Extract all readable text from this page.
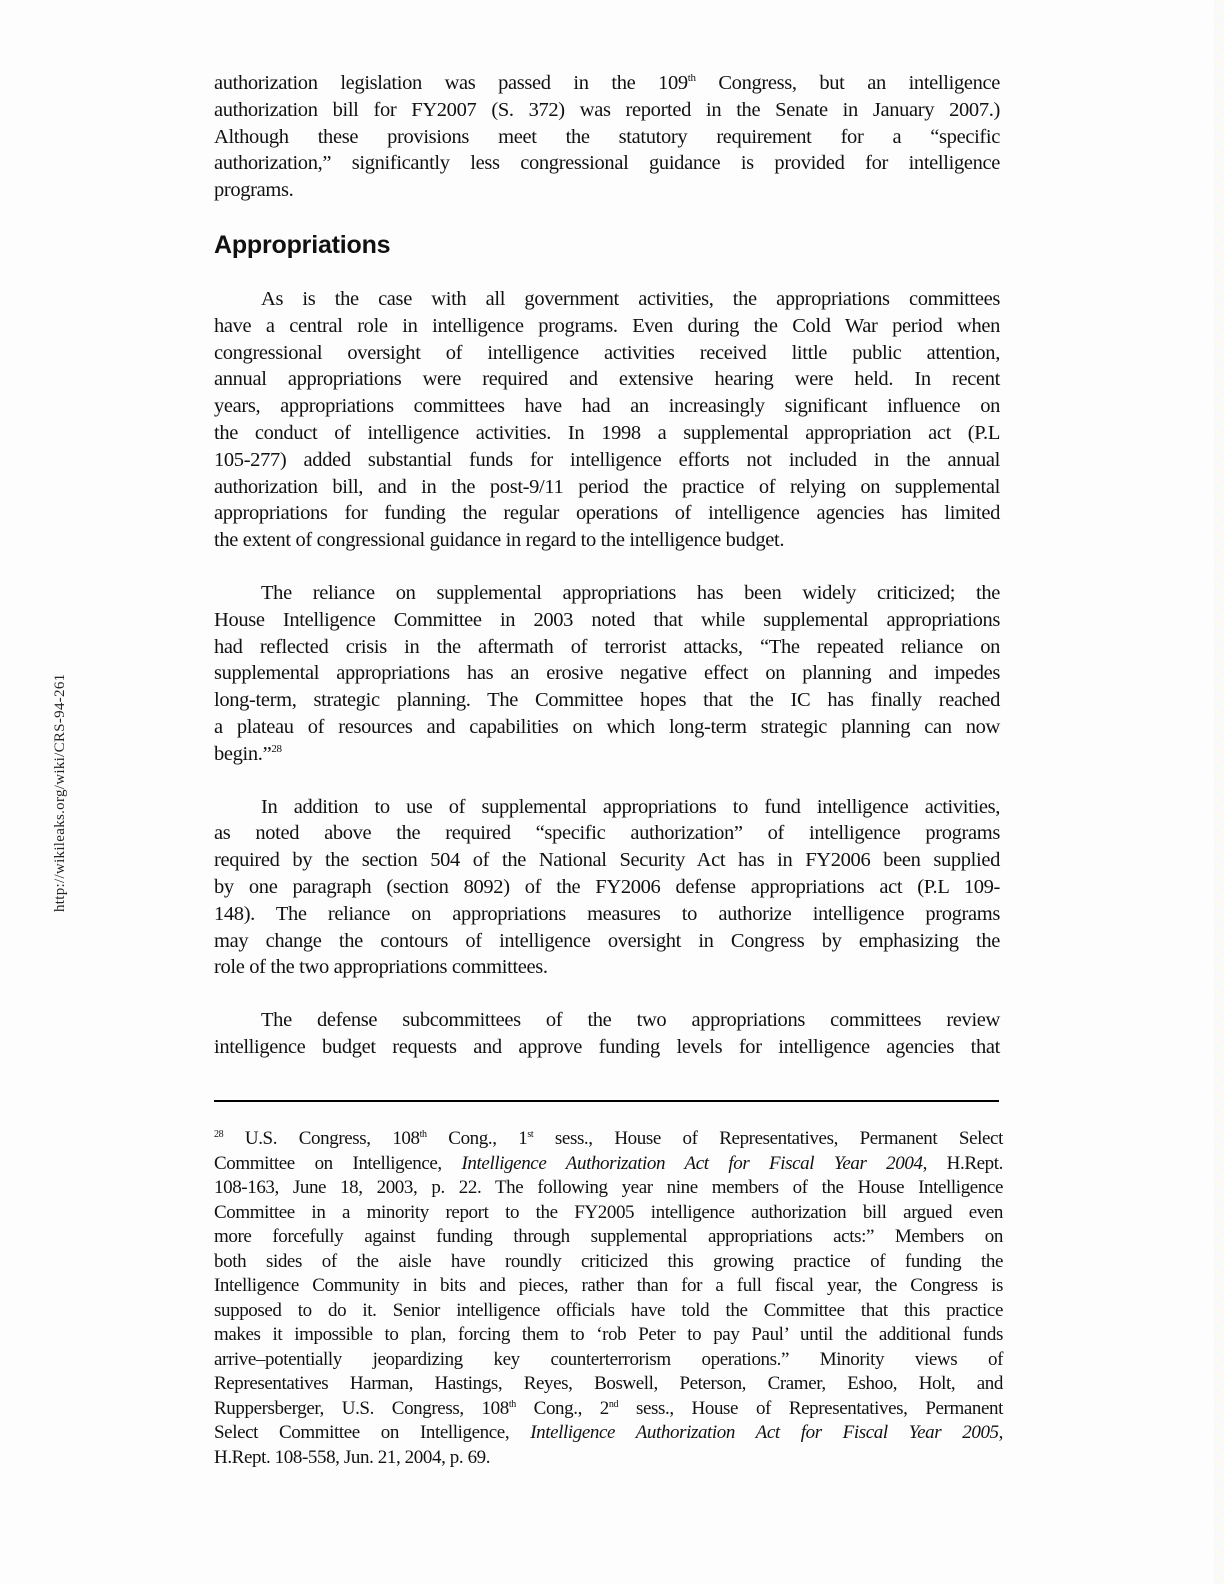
http://wikileaks.org/wiki/CRS-94-261
authorization legislation was passed in the 109th Congress, but an intelligence
authorization bill for FY2007 (S. 372) was reported in the Senate in January 2007.)
Although these provisions meet the statutory requirement for a “specific
authorization,” significantly less congressional guidance is provided for intelligence
programs.
Appropriations
As is the case with all government activities, the appropriations committees
have a central role in intelligence programs. Even during the Cold War period when
congressional oversight of intelligence activities received little public attention,
annual appropriations were required and extensive hearing were held. In recent
years, appropriations committees have had an increasingly significant influence on
the conduct of intelligence activities. In 1998 a supplemental appropriation act (P.L
105-277) added substantial funds for intelligence efforts not included in the annual
authorization bill, and in the post-9/11 period the practice of relying on supplemental
appropriations for funding the regular operations of intelligence agencies has limited
the extent of congressional guidance in regard to the intelligence budget.
The reliance on supplemental appropriations has been widely criticized; the
House Intelligence Committee in 2003 noted that while supplemental appropriations
had reflected crisis in the aftermath of terrorist attacks, “The repeated reliance on
supplemental appropriations has an erosive negative effect on planning and impedes
long-term, strategic planning. The Committee hopes that the IC has finally reached
a plateau of resources and capabilities on which long-term strategic planning can now
begin.”$^{28}$
In addition to use of supplemental appropriations to fund intelligence activities,
as noted above the required “specific authorization” of intelligence programs
required by the section 504 of the National Security Act has in FY2006 been supplied
by one paragraph (section 8092) of the FY2006 defense appropriations act (P.L 109-
148). The reliance on appropriations measures to authorize intelligence programs
may change the contours of intelligence oversight in Congress by emphasizing the
role of the two appropriations committees.
The defense subcommittees of the two appropriations committees review
intelligence budget requests and approve funding levels for intelligence agencies that
$^{28}$ U.S. Congress, 108th Cong., 1st sess., House of Representatives, Permanent Select
Committee on Intelligence, Intelligence Authorization Act for Fiscal Year 2004, H.Rept.
108-163, June 18, 2003, p. 22. The following year nine members of the House Intelligence
Committee in a minority report to the FY2005 intelligence authorization bill argued even
more forcefully against funding through supplemental appropriations acts:” Members on
both sides of the aisle have roundly criticized this growing practice of funding the
Intelligence Community in bits and pieces, rather than for a full fiscal year, the Congress is
supposed to do it. Senior intelligence officials have told the Committee that this practice
makes it impossible to plan, forcing them to ‘rob Peter to pay Paul’ until the additional funds
arrive–potentially jeopardizing key counterterrorism operations.” Minority views of
Representatives Harman, Hastings, Reyes, Boswell, Peterson, Cramer, Eshoo, Holt, and
Ruppersberger, U.S. Congress, 108th Cong., 2nd sess., House of Representatives, Permanent
Select Committee on Intelligence, Intelligence Authorization Act for Fiscal Year 2005,
H.Rept. 108-558, Jun. 21, 2004, p. 69.
